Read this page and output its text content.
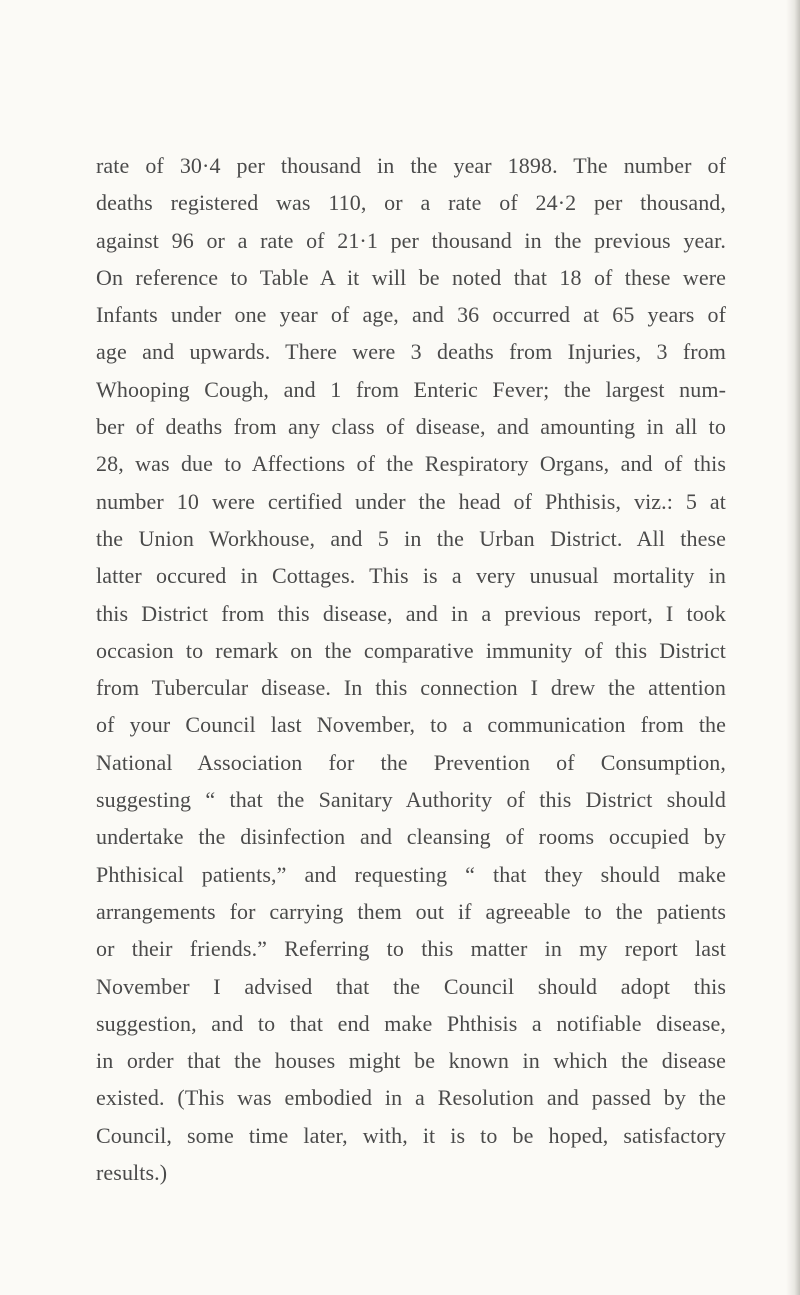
rate of 30·4 per thousand in the year 1898. The number of
deaths registered was 110, or a rate of 24·2 per thousand,
against 96 or a rate of 21·1 per thousand in the previous year.
On reference to Table A it will be noted that 18 of these were
Infants under one year of age, and 36 occurred at 65 years of
age and upwards. There were 3 deaths from Injuries, 3 from
Whooping Cough, and 1 from Enteric Fever; the largest num-
ber of deaths from any class of disease, and amounting in all to
28, was due to Affections of the Respiratory Organs, and of this
number 10 were certified under the head of Phthisis, viz.: 5 at
the Union Workhouse, and 5 in the Urban District. All these
latter occured in Cottages. This is a very unusual mortality in
this District from this disease, and in a previous report, I took
occasion to remark on the comparative immunity of this District
from Tubercular disease. In this connection I drew the attention
of your Council last November, to a communication from the
National Association for the Prevention of Consumption,
suggesting “ that the Sanitary Authority of this District should
undertake the disinfection and cleansing of rooms occupied by
Phthisical patients,” and requesting “ that they should make
arrangements for carrying them out if agreeable to the patients
or their friends.” Referring to this matter in my report last
November I advised that the Council should adopt this
suggestion, and to that end make Phthisis a notifiable disease,
in order that the houses might be known in which the disease
existed. (This was embodied in a Resolution and passed by the
Council, some time later, with, it is to be hoped, satisfactory
results.)
